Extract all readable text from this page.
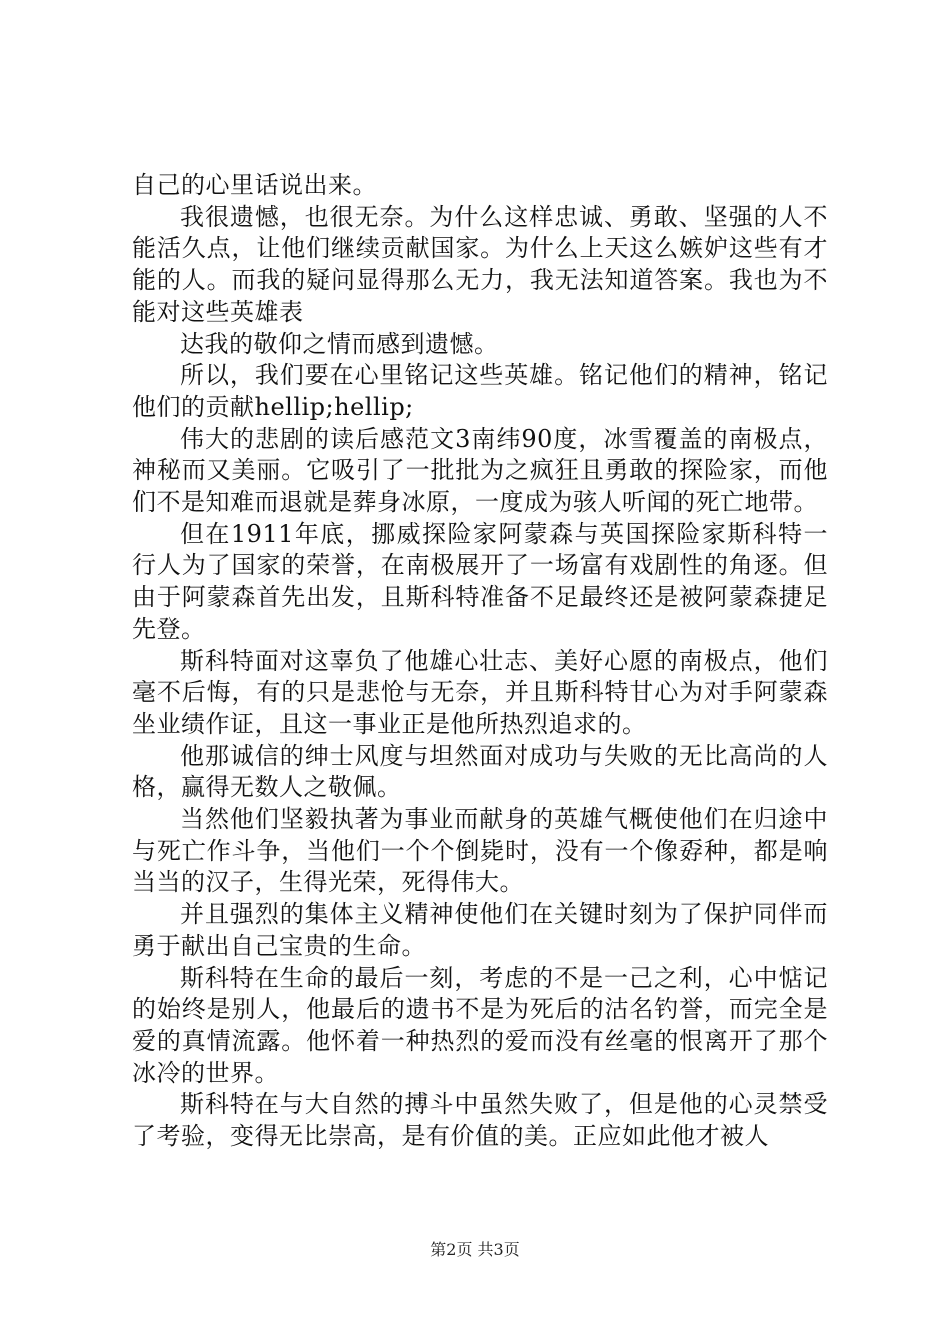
自己的心里话说出来。

我很遗憾，也很无奈。为什么这样忠诚、勇敢、坚强的人不能活久点，让他们继续贡献国家。为什么上天这么嫉妒这些有才能的人。而我的疑问显得那么无力，我无法知道答案。我也为不能对这些英雄表

达我的敬仰之情而感到遗憾。

所以，我们要在心里铭记这些英雄。铭记他们的精神，铭记他们的贡献hellip;hellip;

伟大的悲剧的读后感范文3南纬90度，冰雪覆盖的南极点，神秘而又美丽。它吸引了一批批为之疯狂且勇敢的探险家，而他们不是知难而退就是葬身冰原，一度成为骇人听闻的死亡地带。

但在1911年底，挪威探险家阿蒙森与英国探险家斯科特一行人为了国家的荣誉，在南极展开了一场富有戏剧性的角逐。但由于阿蒙森首先出发，且斯科特准备不足最终还是被阿蒙森捷足先登。

斯科特面对这辜负了他雄心壮志、美好心愿的南极点，他们毫不后悔，有的只是悲怆与无奈，并且斯科特甘心为对手阿蒙森坐业绩作证，且这一事业正是他所热烈追求的。

他那诚信的绅士风度与坦然面对成功与失败的无比高尚的人格，赢得无数人之敬佩。

当然他们坚毅执著为事业而献身的英雄气概使他们在归途中与死亡作斗争，当他们一个个倒毙时，没有一个像孬种，都是响当当的汉子，生得光荣，死得伟大。

并且强烈的集体主义精神使他们在关键时刻为了保护同伴而勇于献出自己宝贵的生命。

斯科特在生命的最后一刻，考虑的不是一己之利，心中惦记的始终是别人，他最后的遗书不是为死后的沽名钓誉，而完全是爱的真情流露。他怀着一种热烈的爱而没有丝毫的恨离开了那个冰冷的世界。

斯科特在与大自然的搏斗中虽然失败了，但是他的心灵禁受了考验，变得无比崇高，是有价值的美。正应如此他才被人

第2页 共3页
